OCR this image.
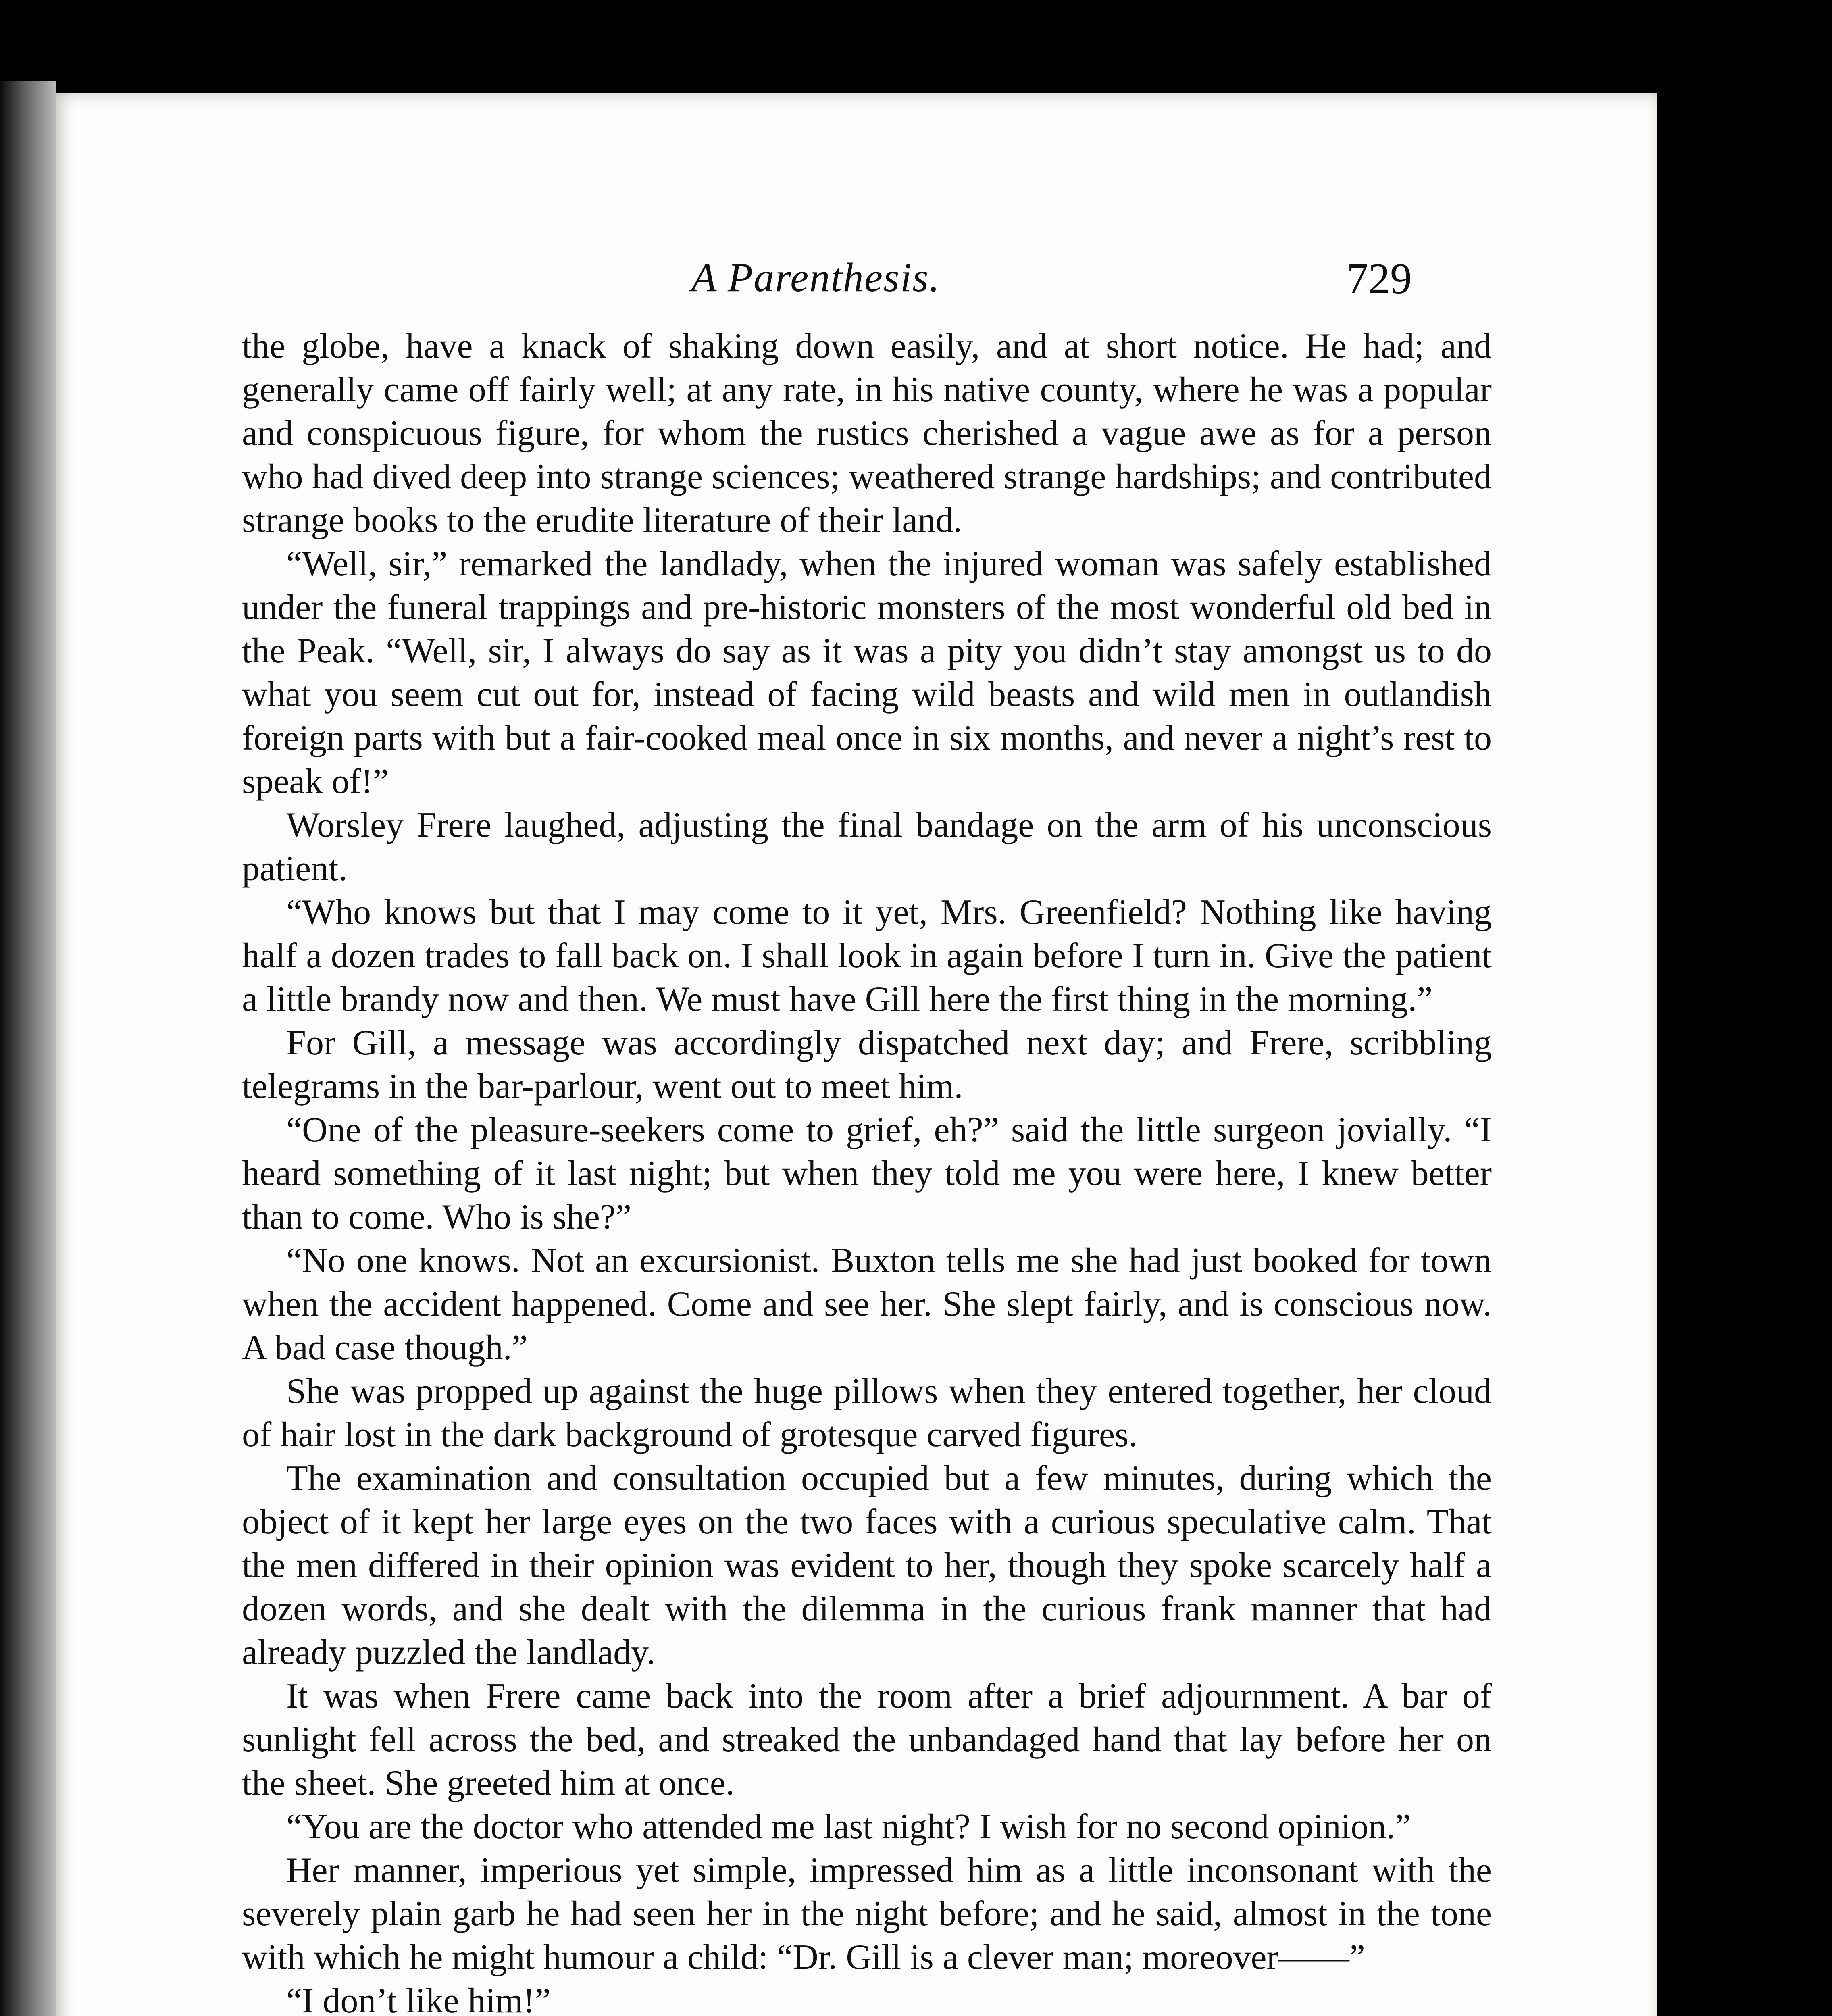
A Parenthesis.	729

the globe, have a knack of shaking down easily, and at short notice. He had; and generally came off fairly well; at any rate, in his native county, where he was a popular and conspicuous figure, for whom the rustics cherished a vague awe as for a person who had dived deep into strange sciences; weathered strange hardships; and contributed strange books to the erudite literature of their land.

“Well, sir,” remarked the landlady, when the injured woman was safely established under the funeral trappings and pre-historic monsters of the most wonderful old bed in the Peak. “Well, sir, I always do say as it was a pity you didn’t stay amongst us to do what you seem cut out for, instead of facing wild beasts and wild men in outlandish foreign parts with but a fair-cooked meal once in six months, and never a night’s rest to speak of!”

Worsley Frere laughed, adjusting the final bandage on the arm of his unconscious patient.

“Who knows but that I may come to it yet, Mrs. Greenfield? Nothing like having half a dozen trades to fall back on. I shall look in again before I turn in. Give the patient a little brandy now and then. We must have Gill here the first thing in the morning.”

For Gill, a message was accordingly dispatched next day; and Frere, scribbling telegrams in the bar-parlour, went out to meet him.

“One of the pleasure-seekers come to grief, eh?” said the little surgeon jovially. “I heard something of it last night; but when they told me you were here, I knew better than to come. Who is she?”

“No one knows. Not an excursionist. Buxton tells me she had just booked for town when the accident happened. Come and see her. She slept fairly, and is conscious now. A bad case though.”

She was propped up against the huge pillows when they entered together, her cloud of hair lost in the dark background of grotesque carved figures.

The examination and consultation occupied but a few minutes, during which the object of it kept her large eyes on the two faces with a curious speculative calm. That the men differed in their opinion was evident to her, though they spoke scarcely half a dozen words, and she dealt with the dilemma in the curious frank manner that had already puzzled the landlady.

It was when Frere came back into the room after a brief adjournment. A bar of sunlight fell across the bed, and streaked the unbandaged hand that lay before her on the sheet. She greeted him at once.

“You are the doctor who attended me last night? I wish for no second opinion.”

Her manner, imperious yet simple, impressed him as a little inconsonant with the severely plain garb he had seen her in the night before; and he said, almost in the tone with which he might humour a child: “Dr. Gill is a clever man; moreover——”

“I don’t like him!”
